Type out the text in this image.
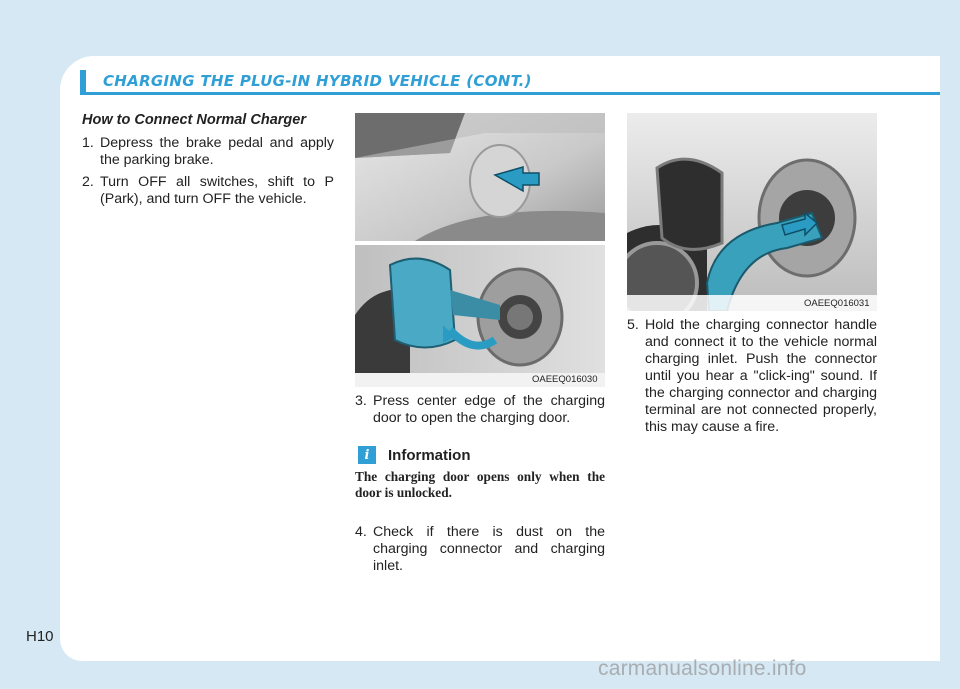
CHARGING THE PLUG-IN HYBRID VEHICLE (CONT.)
How to Connect Normal Charger
1. Depress the brake pedal and apply the parking brake.
2. Turn OFF all switches, shift to P (Park), and turn OFF the vehicle.
OAEEQ016030
3. Press center edge of the charging door to open the charging door.
i	Information
The charging door opens only when the door is unlocked.
4. Check if there is dust on the charging connector and charging inlet.
OAEEQ016031
5. Hold the charging connector handle and connect it to the vehicle normal charging inlet. Push the connector until you hear a "click-ing" sound. If the charging connector and charging terminal are not connected properly, this may cause a fire.
H10
carmanualsonline.info
